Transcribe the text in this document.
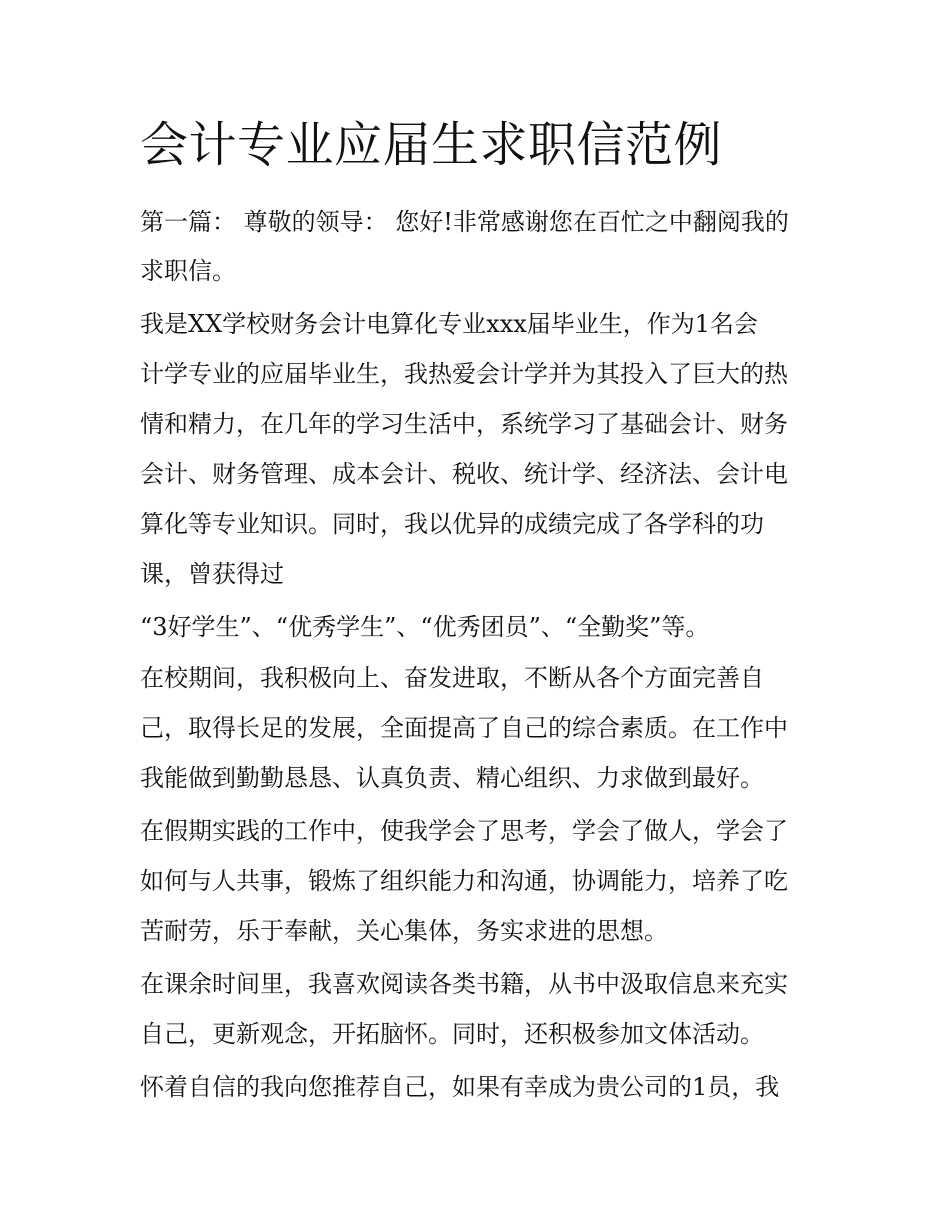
会计专业应届生求职信范例

第一篇： 尊敬的领导： 您好!非常感谢您在百忙之中翻阅我的

求职信。

我是XX学校财务会计电算化专业xxx届毕业生，作为1名会

计学专业的应届毕业生，我热爱会计学并为其投入了巨大的热

情和精力，在几年的学习生活中，系统学习了基础会计、财务

会计、财务管理、成本会计、税收、统计学、经济法、会计电

算化等专业知识。同时，我以优异的成绩完成了各学科的功

课，曾获得过

“3好学生”、“优秀学生”、“优秀团员”、“全勤奖”等。

在校期间，我积极向上、奋发进取，不断从各个方面完善自

己，取得长足的发展，全面提高了自己的综合素质。在工作中

我能做到勤勤恳恳、认真负责、精心组织、力求做到最好。

在假期实践的工作中，使我学会了思考，学会了做人，学会了

如何与人共事，锻炼了组织能力和沟通，协调能力，培养了吃

苦耐劳，乐于奉献，关心集体，务实求进的思想。

在课余时间里，我喜欢阅读各类书籍，从书中汲取信息来充实

自己，更新观念，开拓脑怀。同时，还积极参加文体活动。

怀着自信的我向您推荐自己，如果有幸成为贵公司的1员，我
